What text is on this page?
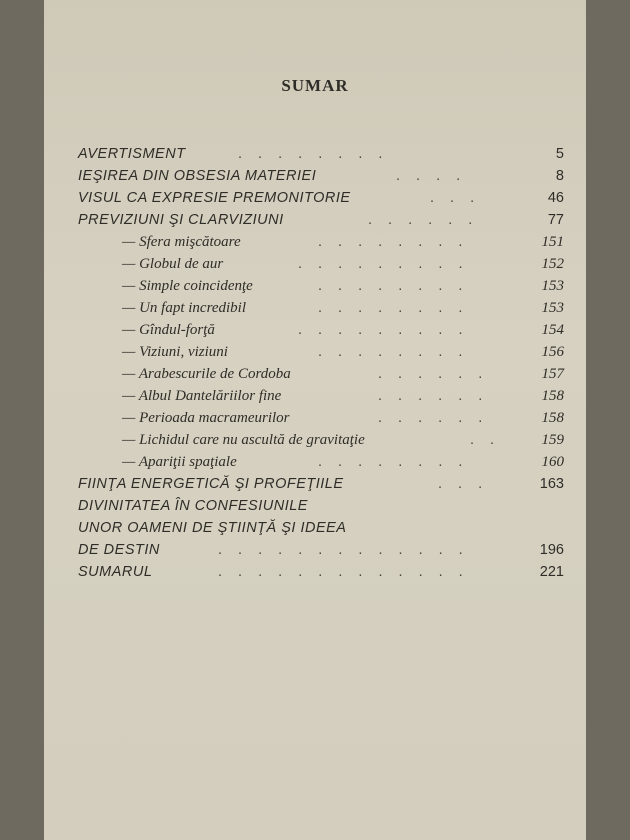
SUMAR
AVERTISMENT	. . . . . . . .	5
IEŞIREA DIN OBSESIA MATERIEI	. . . .	8
VISUL CA EXPRESIE PREMONITORIE	. . .	46
PREVIZIUNI ŞI CLARVIZIUNI	. . . . . .	77
— Sfera mişcătoare	. . . . . . . .	151
— Globul de aur	. . . . . . . . .	152
— Simple coincidenţe	. . . . . . . .	153
— Un fapt incredibil	. . . . . . . .	153
— Gîndul-forţă	. . . . . . . . .	154
— Viziuni, viziuni	. . . . . . . .	156
— Arabescurile de Cordoba	. . . . . .	157
— Albul Dantelăriilor fine	. . . . . .	158
— Perioada macrameurilor	. . . . . .	158
— Lichidul care nu ascultă de gravitaţie	. .	159
— Apariţii spaţiale	. . . . . . . .	160
FIINŢA ENERGETICĂ ŞI PROFEŢIILE	. . .	163
DIVINITATEA ÎN CONFESIUNILE
UNOR OAMENI DE ŞTIINŢĂ ŞI IDEEA
DE DESTIN	. . . . . . . . . . . . .	196
SUMARUL	. . . . . . . . . . . . .	221
